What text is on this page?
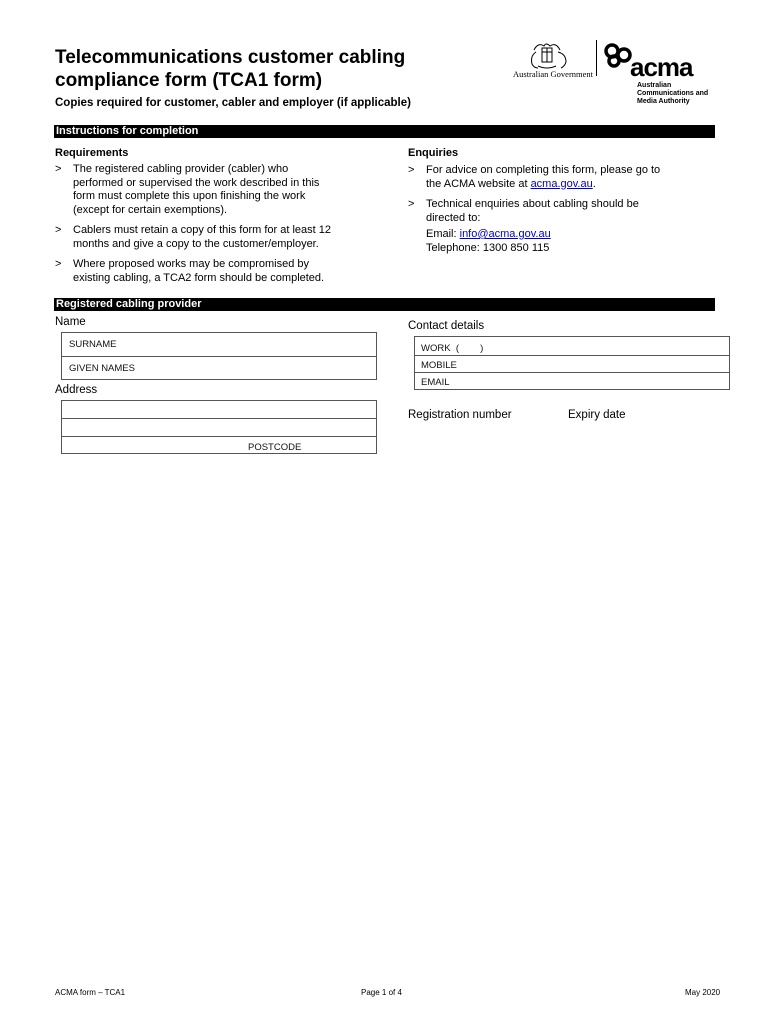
Telecommunications customer cabling compliance form (TCA1 form)
Copies required for customer, cabler and employer (if applicable)
Australian Government acma
Australian Communications and Media Authority
Instructions for completion
Requirements
> The registered cabling provider (cabler) who
performed or supervised the work described in this
form must complete this upon finishing the work
(except for certain exemptions).
> Cablers must retain a copy of this form for at least 12
months and give a copy to the customer/employer.
> Where proposed works may be compromised by
existing cabling, a TCA2 form should be completed.
Enquiries
> For advice on completing this form, please go to
the ACMA website at acma.gov.au.
> Technical enquiries about cabling should be
directed to:
Email: info@acma.gov.au
Telephone: 1300 850 115
Registered cabling provider
Name
SURNAME
GIVEN NAMES
Address
POSTCODE
Contact details
WORK  (        )
MOBILE
EMAIL
Registration number	Expiry date
ACMA form – TCA1	Page 1 of 4	May 2020
